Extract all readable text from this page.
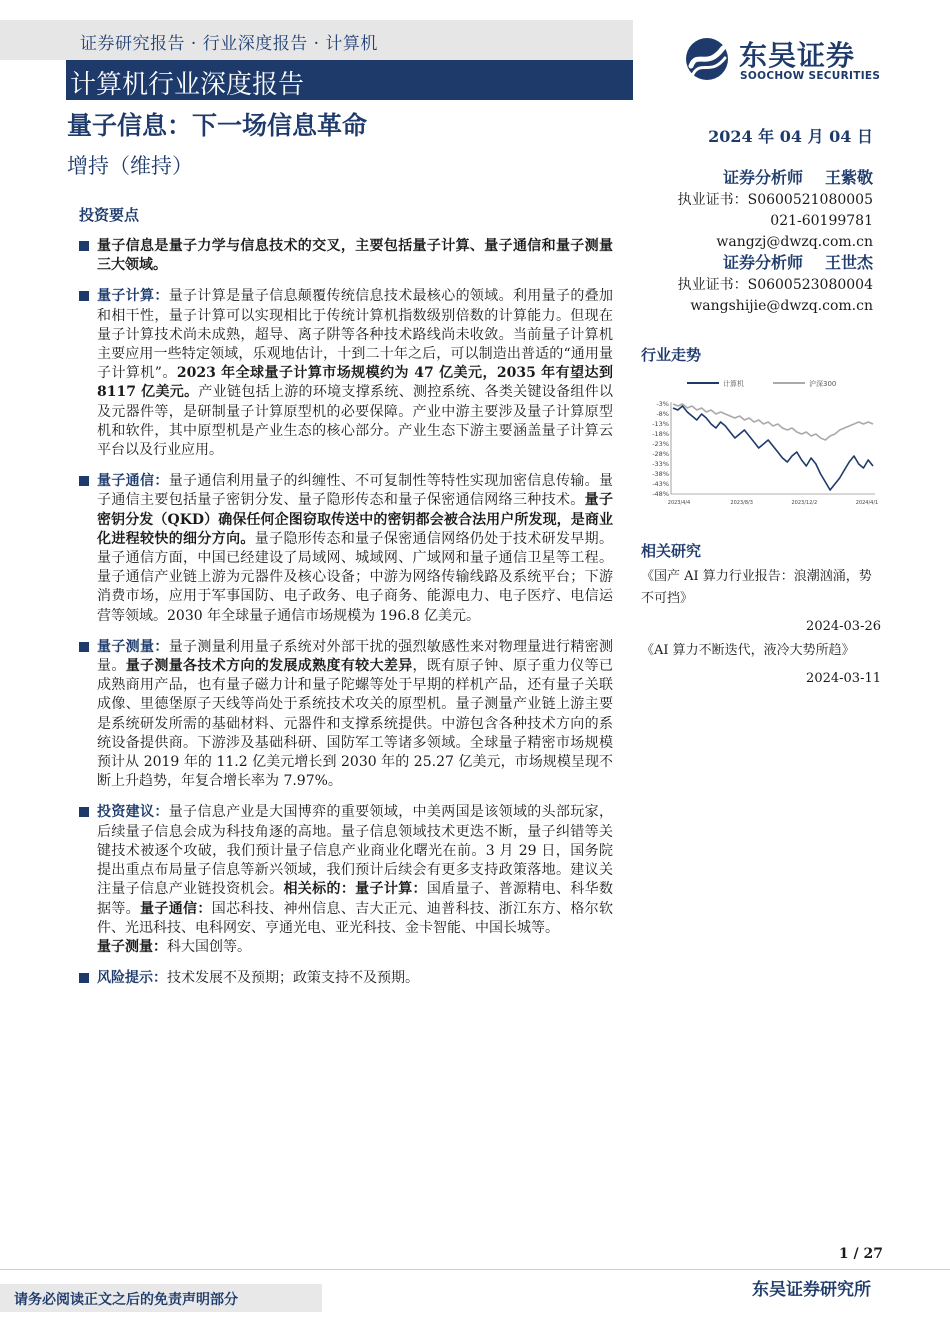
证券研究报告 · 行业深度报告 · 计算机
计算机行业深度报告
东吴证券
SOOCHOW SECURITIES
量子信息：下一场信息革命
增持（维持）
2024 年 04 月 04 日
证券分析师 王紫敬
执业证书：S0600521080005
021-60199781
wangzj@dwzq.com.cn
证券分析师 王世杰
执业证书：S0600523080004
wangshijie@dwzq.com.cn
行业走势
计算机	沪深300
-3%
-8%
-13%
-18%
-23%
-28%
-33%
-38%
-43%
-48%
2023/4/4	2023/8/3	2023/12/2	2024/4/1
相关研究
《国产 AI 算力行业报告：浪潮汹涌，势不可挡》
2024-03-26
《AI 算力不断迭代，液冷大势所趋》
2024-03-11
投资要点
量子信息是量子力学与信息技术的交叉，主要包括量子计算、量子通信和量子测量三大领域。
量子计算：量子计算是量子信息颠覆传统信息技术最核心的领域。利用量子的叠加和相干性，量子计算可以实现相比于传统计算机指数级别倍数的计算能力。但现在量子计算技术尚未成熟，超导、离子阱等各种技术路线尚未收敛。当前量子计算机主要应用一些特定领域，乐观地估计，十到二十年之后，可以制造出普适的“通用量子计算机”。2023 年全球量子计算市场规模约为 47 亿美元，2035 年有望达到 8117 亿美元。产业链包括上游的环境支撑系统、测控系统、各类关键设备组件以及元器件等，是研制量子计算原型机的必要保障。产业中游主要涉及量子计算原型机和软件，其中原型机是产业生态的核心部分。产业生态下游主要涵盖量子计算云平台以及行业应用。
量子通信：量子通信利用量子的纠缠性、不可复制性等特性实现加密信息传输。量子通信主要包括量子密钥分发、量子隐形传态和量子保密通信网络三种技术。量子密钥分发（QKD）确保任何企图窃取传送中的密钥都会被合法用户所发现，是商业化进程较快的细分方向。量子隐形传态和量子保密通信网络仍处于技术研发早期。量子通信方面，中国已经建设了局域网、城域网、广域网和量子通信卫星等工程。量子通信产业链上游为元器件及核心设备；中游为网络传输线路及系统平台；下游消费市场，应用于军事国防、电子政务、电子商务、能源电力、电子医疗、电信运营等领域。2030 年全球量子通信市场规模为 196.8 亿美元。
量子测量：量子测量利用量子系统对外部干扰的强烈敏感性来对物理量进行精密测量。量子测量各技术方向的发展成熟度有较大差异，既有原子钟、原子重力仪等已成熟商用产品，也有量子磁力计和量子陀螺等处于早期的样机产品，还有量子关联成像、里德堡原子天线等尚处于系统技术攻关的原型机。量子测量产业链上游主要是系统研发所需的基础材料、元器件和支撑系统提供。中游包含各种技术方向的系统设备提供商。下游涉及基础科研、国防军工等诸多领域。全球量子精密市场规模预计从 2019 年的 11.2 亿美元增长到 2030 年的 25.27 亿美元，市场规模呈现不断上升趋势，年复合增长率为 7.97%。
投资建议：量子信息产业是大国博弈的重要领域，中美两国是该领域的头部玩家，后续量子信息会成为科技角逐的高地。量子信息领域技术更迭不断，量子纠错等关键技术被逐个攻破，我们预计量子信息产业商业化曙光在前。3 月 29 日，国务院提出重点布局量子信息等新兴领域，我们预计后续会有更多支持政策落地。建议关注量子信息产业链投资机会。相关标的：量子计算：国盾量子、普源精电、科华数据等。量子通信：国芯科技、神州信息、吉大正元、迪普科技、浙江东方、格尔软件、光迅科技、电科网安、亨通光电、亚光科技、金卡智能、中国长城等。
量子测量：科大国创等。
风险提示：技术发展不及预期；政策支持不及预期。
1 / 27
请务必阅读正文之后的免责声明部分	东吴证券研究所
